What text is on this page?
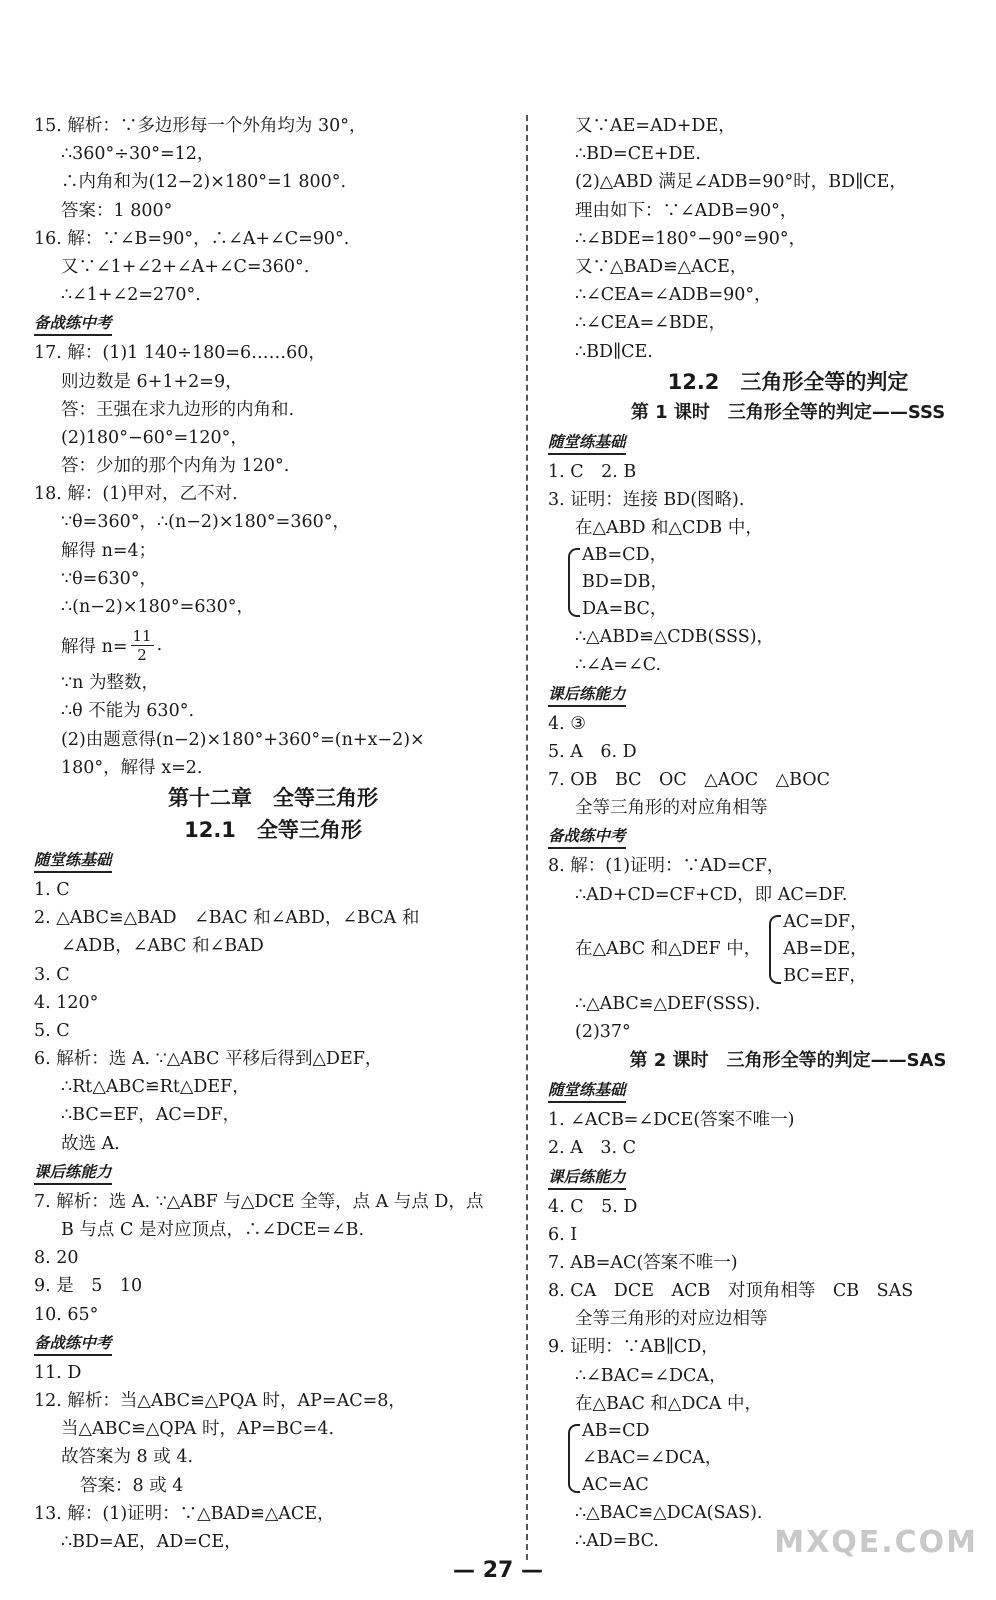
15. 解析：∵多边形每一个外角均为 30°，
∴360°÷30°=12，
∴内角和为(12−2)×180°=1 800°.
答案：1 800°
16. 解：∵∠B=90°，∴∠A+∠C=90°.
又∵∠1+∠2+∠A+∠C=360°.
∴∠1+∠2=270°.
备战练中考
17. 解：(1)1 140÷180=6……60，
则边数是 6+1+2=9，
答：王强在求九边形的内角和.
(2)180°−60°=120°，
答：少加的那个内角为 120°.
18. 解：(1)甲对，乙不对.
∵θ=360°，∴(n−2)×180°=360°，
解得 n=4；
∵θ=630°，
∴(n−2)×180°=630°，
解得 $n= \frac{11}{2}$ .
∵n 为整数，
∴θ 不能为 630°.
(2)由题意得(n−2)×180°+360°=(n+x−2)×
180°，解得 x=2.
第十二章　全等三角形
12.1　全等三角形
随堂练基础
1. C
2. △ABC≌△BAD　∠BAC 和∠ABD，∠BCA 和
∠ADB，∠ABC 和∠BAD
3. C
4. 120°
5. C
6. 解析：选 A. ∵△ABC 平移后得到△DEF，
∴Rt△ABC≌Rt△DEF，
∴BC=EF，AC=DF，
故选 A.
课后练能力
7. 解析：选 A. ∵△ABF 与△DCE 全等，点 A 与点 D，点
B 与点 C 是对应顶点，∴∠DCE=∠B.
8. 20
9. 是　5　10
10. 65°
备战练中考
11. D
12. 解析：当△ABC≌△PQA 时，AP=AC=8，
当△ABC≌△QPA 时，AP=BC=4.
故答案为 8 或 4.
答案：8 或 4
13. 解：(1)证明：∵△BAD≌△ACE，
∴BD=AE，AD=CE，
又∵AE=AD+DE，
∴BD=CE+DE.
(2)△ABD 满足∠ADB=90°时，BD∥CE，
理由如下：∵∠ADB=90°，
∴∠BDE=180°−90°=90°，
又∵△BAD≌△ACE，
∴∠CEA=∠ADB=90°，
∴∠CEA=∠BDE，
∴BD∥CE.
12.2　三角形全等的判定
第 1 课时　三角形全等的判定——SSS
随堂练基础
1. C　2. B
3. 证明：连接 BD(图略).
在△ABD 和△CDB 中，
AB=CD，
BD=DB，
DA=BC，
∴△ABD≌△CDB(SSS)，
∴∠A=∠C.
课后练能力
4. ③
5. A　6. D
7. OB　BC　OC　△AOC　△BOC
全等三角形的对应角相等
备战练中考
8. 解：(1)证明：∵AD=CF，
∴AD+CD=CF+CD，即 AC=DF.
在△ABC 和△DEF 中，
AC=DF，
AB=DE，
BC=EF，
∴△ABC≌△DEF(SSS).
(2)37°
第 2 课时　三角形全等的判定——SAS
随堂练基础
1. ∠ACB=∠DCE(答案不唯一)
2. A　3. C
课后练能力
4. C　5. D
6. Ⅰ
7. AB=AC(答案不唯一)
8. CA　DCE　ACB　对顶角相等　CB　SAS
全等三角形的对应边相等
9. 证明：∵AB∥CD，
∴∠BAC=∠DCA，
在△BAC 和△DCA 中，
AB=CD
∠BAC=∠DCA，
AC=AC
∴△BAC≌△DCA(SAS).
∴AD=BC.
— 27 —
MXQE.COM
